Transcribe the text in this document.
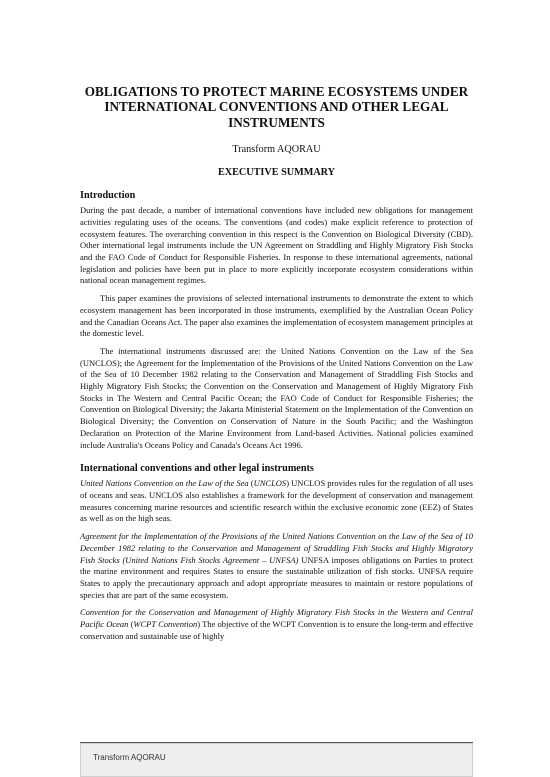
OBLIGATIONS TO PROTECT MARINE ECOSYSTEMS UNDER
INTERNATIONAL CONVENTIONS AND OTHER LEGAL
INSTRUMENTS
Transform AQORAU
EXECUTIVE SUMMARY
Introduction

During the past decade, a number of international conventions have included new obligations for management activities regulating uses of the oceans. The conventions (and codes) make explicit reference to protection of ecosystem features. The overarching convention in this respect is the Convention on Biological Diversity (CBD). Other international legal instruments include the UN Agreement on Straddling and Highly Migratory Fish Stocks and the FAO Code of Conduct for Responsible Fisheries. In response to these international agreements, national legislation and policies have been put in place to more explicitly incorporate ecosystem considerations within national ocean management regimes.

This paper examines the provisions of selected international instruments to demonstrate the extent to which ecosystem management has been incorporated in those instruments, exemplified by the Australian Ocean Policy and the Canadian Oceans Act. The paper also examines the implementation of ecosystem management principles at the domestic level.

The international instruments discussed are: the United Nations Convention on the Law of the Sea (UNCLOS); the Agreement for the Implementation of the Provisions of the United Nations Convention on the Law of the Sea of 10 December 1982 relating to the Conservation and Management of Straddling Fish Stocks and Highly Migratory Fish Stocks; the Convention on the Conservation and Management of Highly Migratory Fish Stocks in The Western and Central Pacific Ocean; the FAO Code of Conduct for Responsible Fisheries; the Convention on Biological Diversity; the Jakarta Ministerial Statement on the Implementation of the Convention on Biological Diversity; the Convention on Conservation of Nature in the South Pacific; and the Washington Declaration on Protection of the Marine Environment from Land-based Activities. National policies examined include Australia's Oceans Policy and Canada's Oceans Act 1996.

International conventions and other legal instruments

United Nations Convention on the Law of the Sea (UNCLOS) UNCLOS provides rules for the regulation of all uses of oceans and seas. UNCLOS also establishes a framework for the development of conservation and management measures concerning marine resources and scientific research within the exclusive economic zone (EEZ) of States as well as on the high seas.

Agreement for the Implementation of the Provisions of the United Nations Convention on the Law of the Sea of 10 December 1982 relating to the Conservation and Management of Straddling Fish Stocks and Highly Migratory Fish Stocks (United Nations Fish Stocks Agreement – UNFSA) UNFSA imposes obligations on Parties to protect the marine environment and requires States to ensure the sustainable utilization of fish stocks. UNFSA require States to apply the precautionary approach and adopt appropriate measures to maintain or restore populations of species that are part of the same ecosystem.

Convention for the Conservation and Management of Highly Migratory Fish Stocks in the Western and Central Pacific Ocean (WCPT Convention) The objective of the WCPT Convention is to ensure the long-term and effective conservation and sustainable use of highly

Transform AQORAU
